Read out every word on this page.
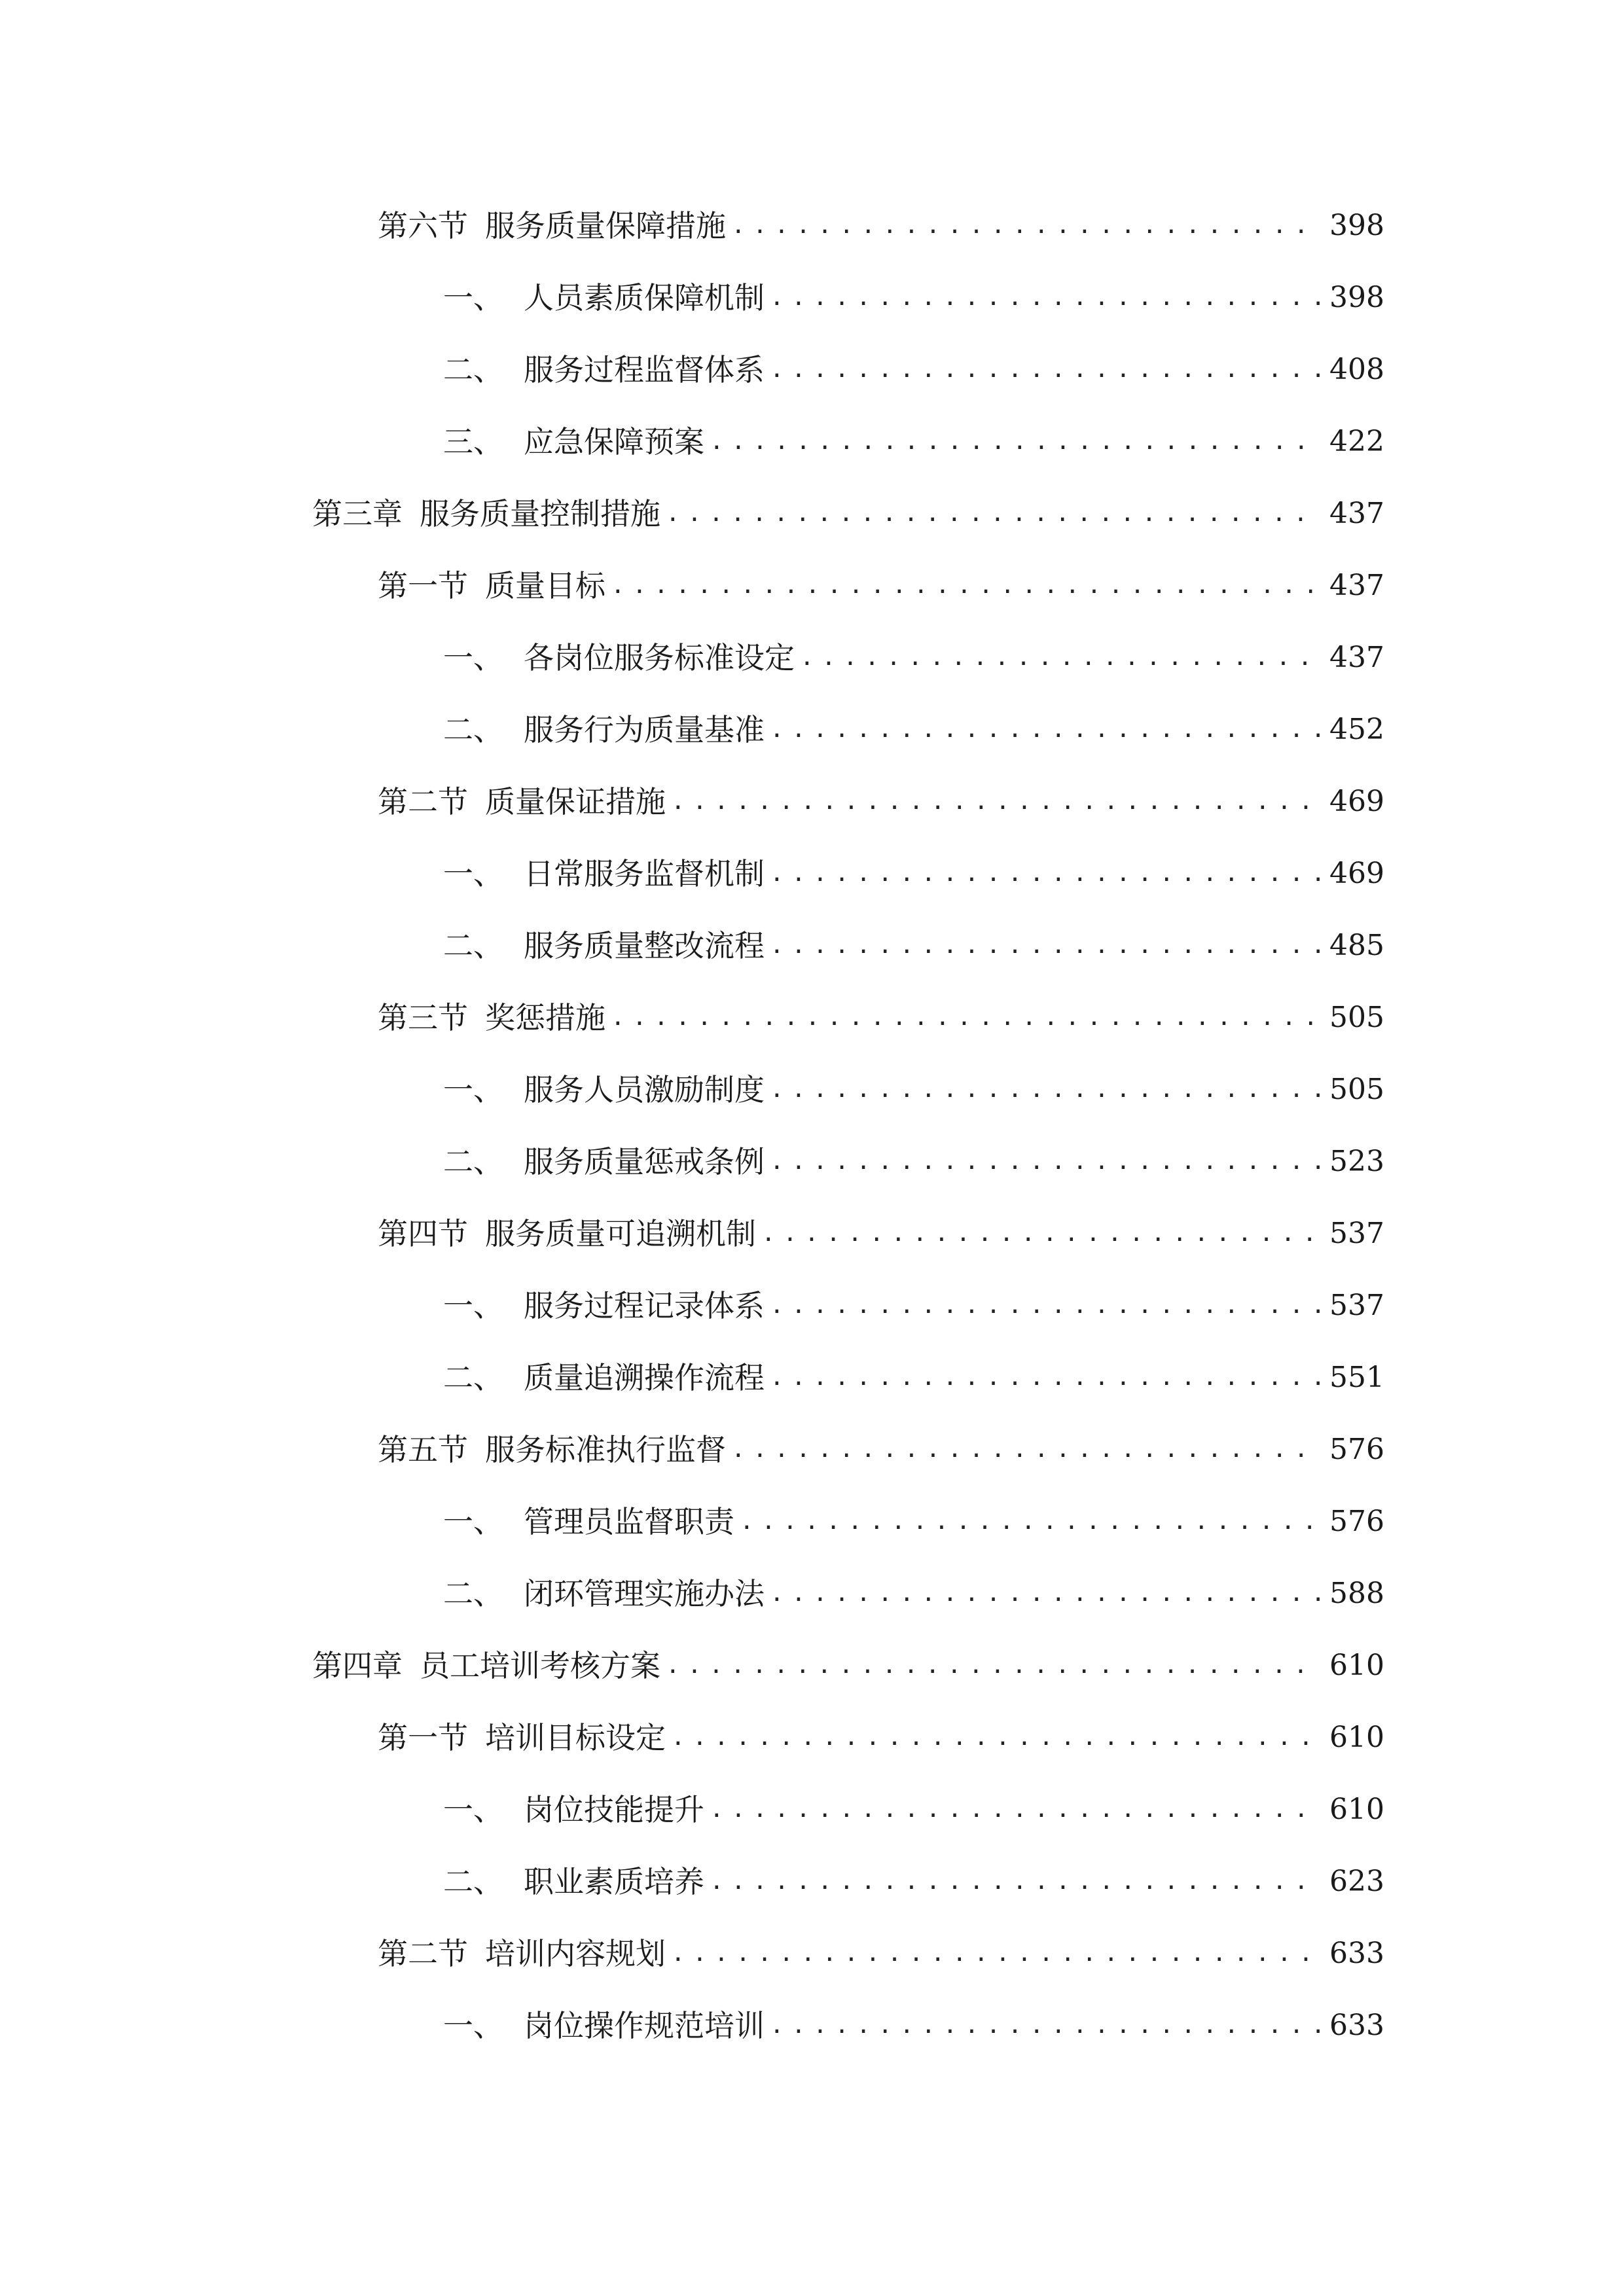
第六节 服务质量保障措施 .....	398
一、 人员素质保障机制 .....	398
二、 服务过程监督体系 .....	408
三、 应急保障预案 .....	422
第三章 服务质量控制措施 .....	437
第一节 质量目标 .....	437
一、 各岗位服务标准设定 .....	437
二、 服务行为质量基准 .....	452
第二节 质量保证措施 .....	469
一、 日常服务监督机制 .....	469
二、 服务质量整改流程 .....	485
第三节 奖惩措施 .....	505
一、 服务人员激励制度 .....	505
二、 服务质量惩戒条例 .....	523
第四节 服务质量可追溯机制 .....	537
一、 服务过程记录体系 .....	537
二、 质量追溯操作流程 .....	551
第五节 服务标准执行监督 .....	576
一、 管理员监督职责 .....	576
二、 闭环管理实施办法 .....	588
第四章 员工培训考核方案 .....	610
第一节 培训目标设定 .....	610
一、 岗位技能提升 .....	610
二、 职业素质培养 .....	623
第二节 培训内容规划 .....	633
一、 岗位操作规范培训 .....	633
